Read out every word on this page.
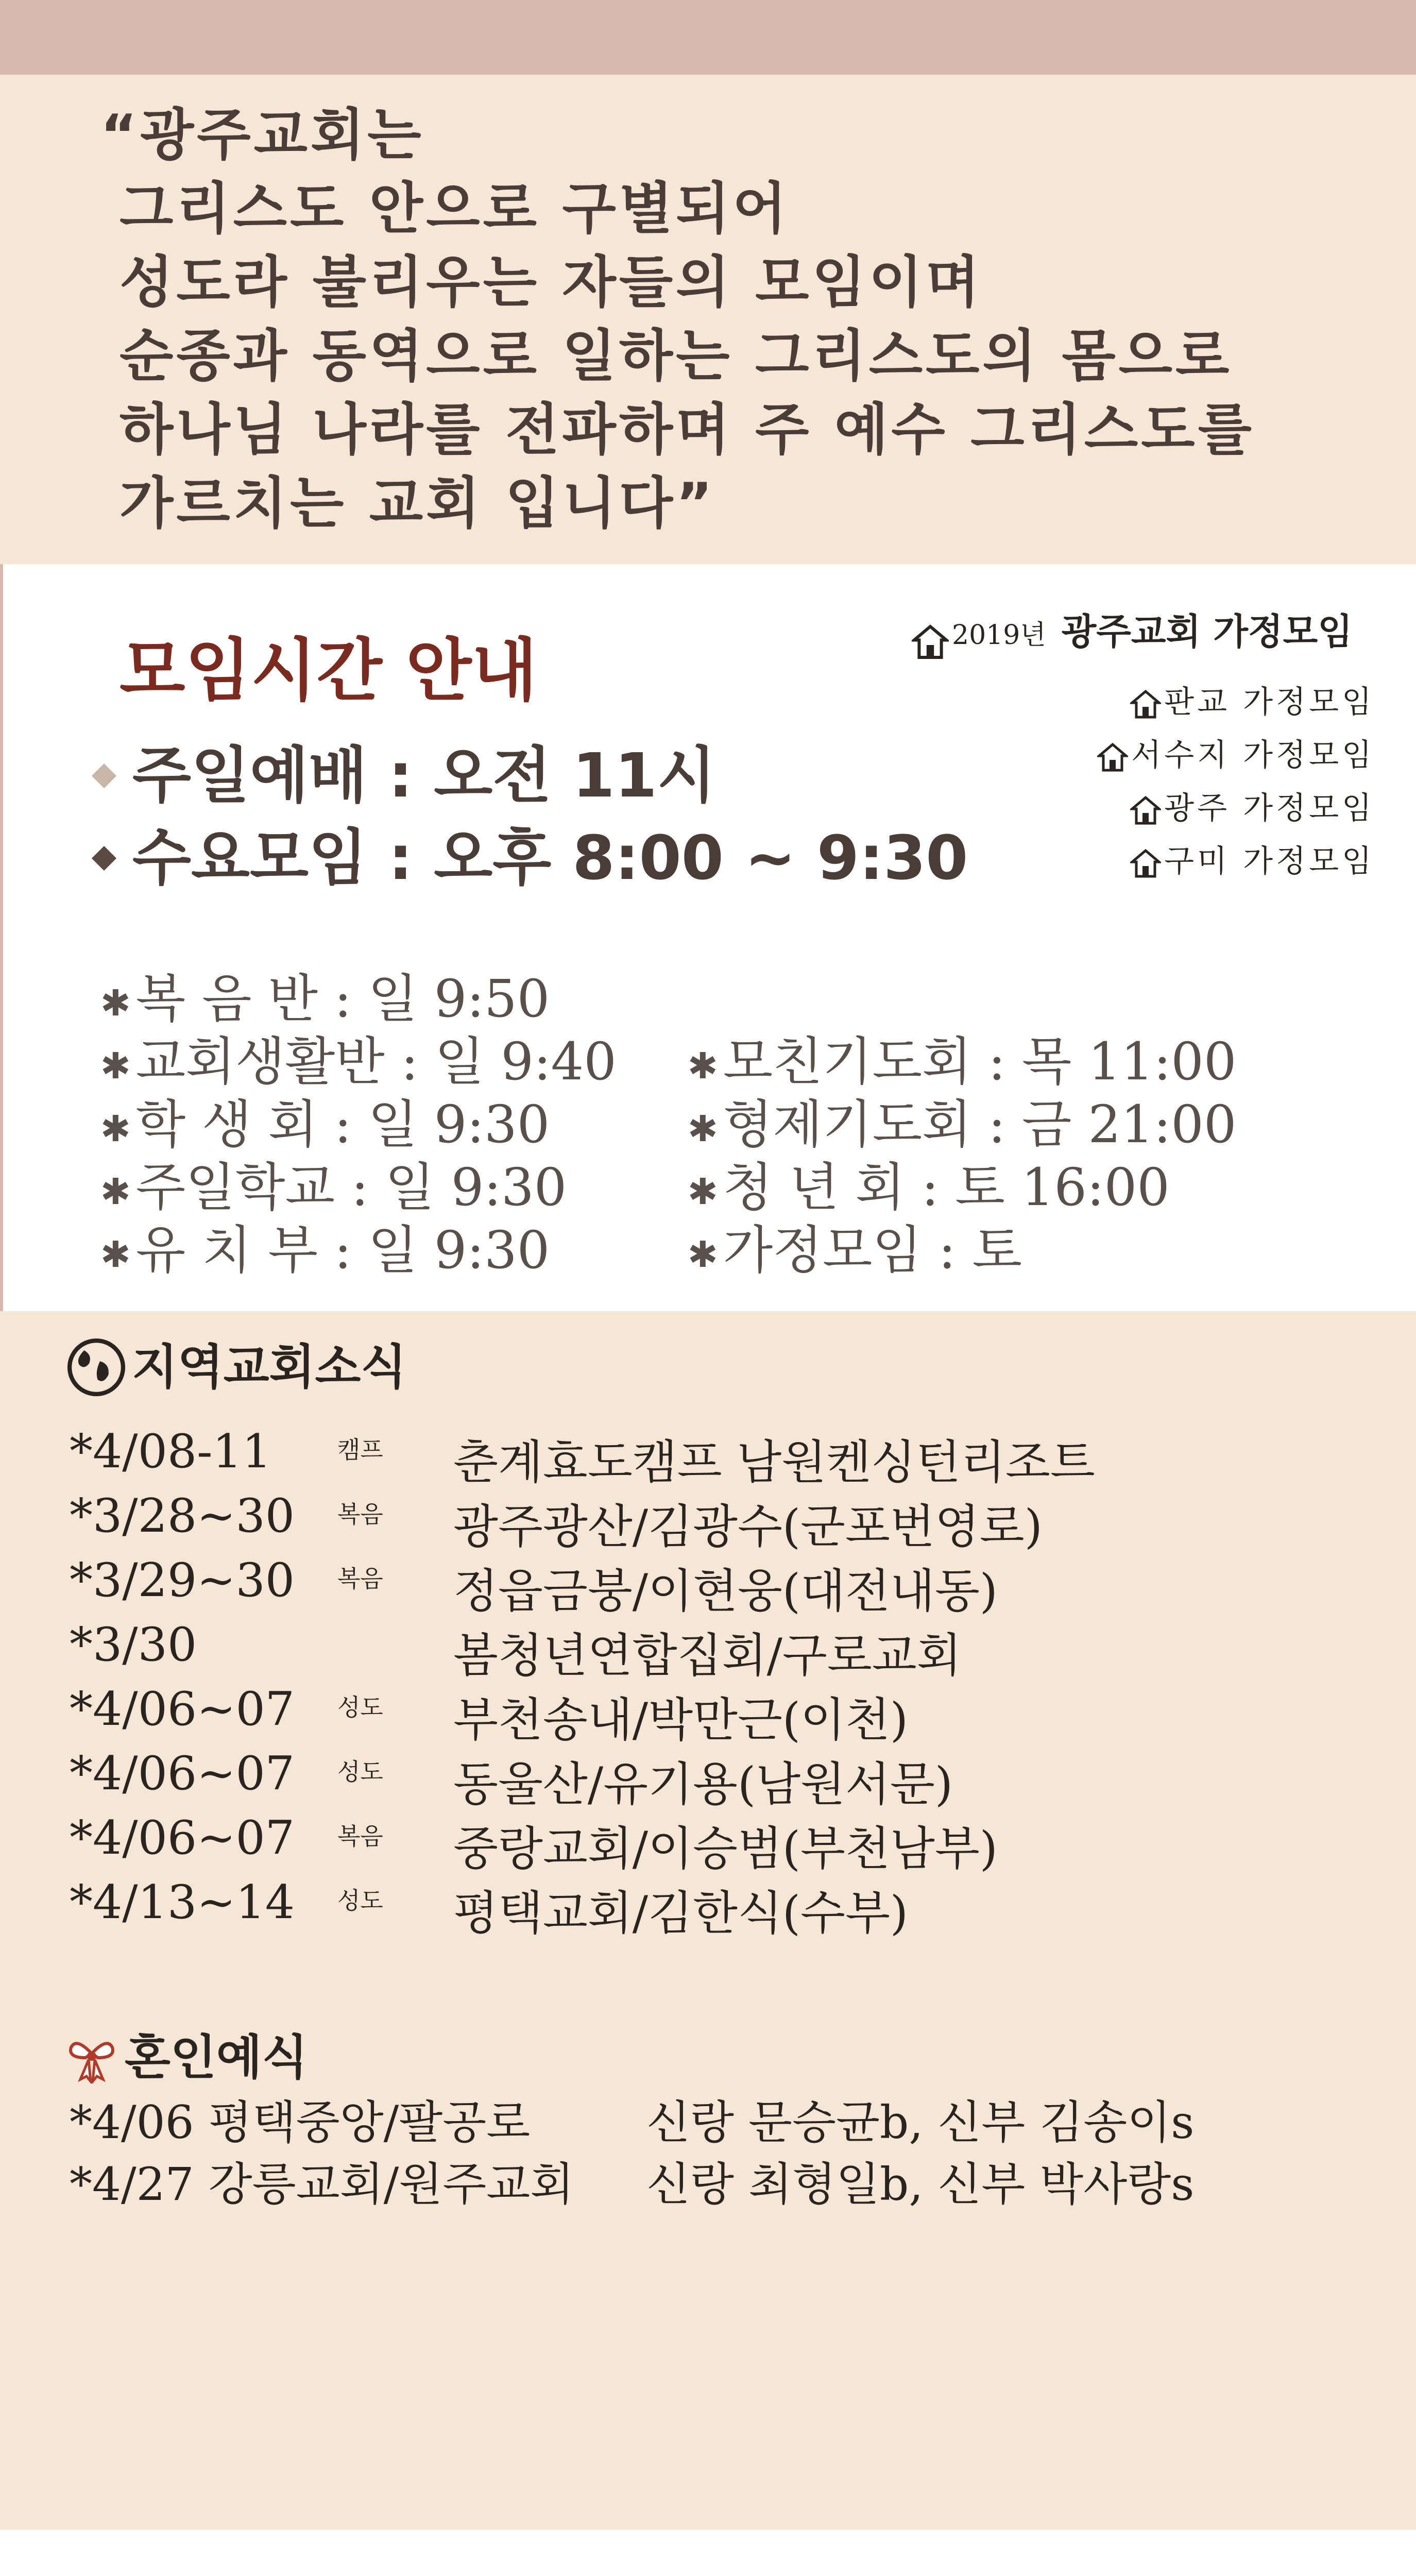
“광주교회는
그리스도 안으로 구별되어
성도라 불리우는 자들의 모임이며
순종과 동역으로 일하는 그리스도의 몸으로
하나님 나라를 전파하며 주 예수 그리스도를
가르치는 교회 입니다”
모임시간 안내
주일예배 : 오전 11시
수요모임 : 오후 8:00 ~ 9:30
2019년 광주교회 가정모임
판교 가정모임
서수지 가정모임
광주 가정모임
구미 가정모임
✱ 복 음 반 : 일 9:50
✱ 교회생활반 : 일 9:40
✱ 학 생 회 : 일 9:30
✱ 주일학교 : 일 9:30
✱ 유 치 부 : 일 9:30
✱ 모친기도회 : 목 11:00
✱ 형제기도회 : 금 21:00
✱ 청 년 회 : 토 16:00
✱ 가정모임 : 토
지역교회소식
*4/08-11	캠프 춘계효도캠프 남원켄싱턴리조트
*3/28~30 복음 광주광산/김광수(군포번영로)
*3/29~30 복음 정읍금붕/이현웅(대전내동)
*3/30	봄청년연합집회/구로교회
*4/06~07 성도 부천송내/박만근(이천)
*4/06~07 성도 동울산/유기용(남원서문)
*4/06~07 복음 중랑교회/이승범(부천남부)
*4/13~14 성도 평택교회/김한식(수부)
혼인예식
*4/06 평택중앙/팔공로	신랑 문승균b, 신부 김송이s
*4/27 강릉교회/원주교회 신랑 최형일b, 신부 박사랑s
